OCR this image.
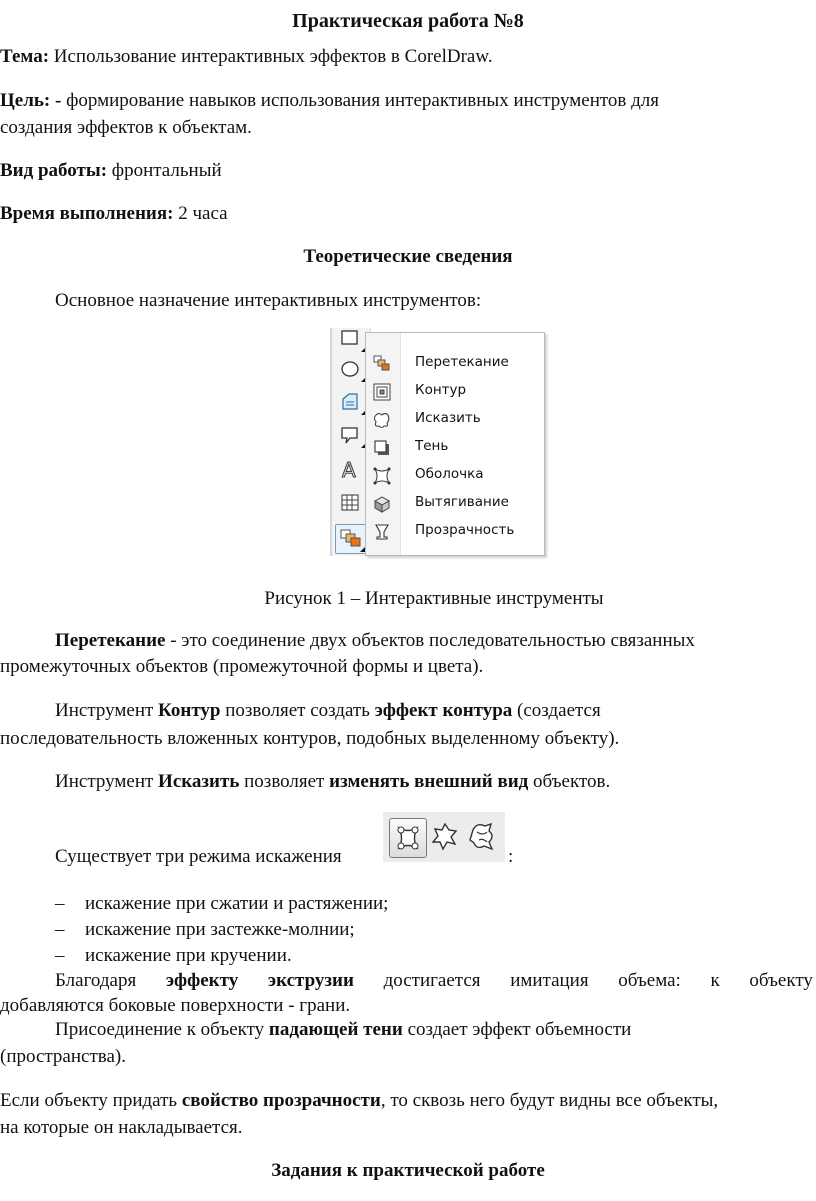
Практическая работа №8
Тема: Использование интерактивных эффектов в CorelDraw.
Цель: - формирование навыков использования интерактивных инструментов для
создания эффектов к объектам.
Вид работы: фронтальный
Время выполнения: 2 часа
Теоретические сведения
Основное назначение интерактивных инструментов:
A
Перетекание
Контур
Исказить
Тень
Оболочка
Вытягивание
Прозрачность
Рисунок 1 – Интерактивные инструменты
Перетекание - это соединение двух объектов последовательностью связанных
промежуточных объектов (промежуточной формы и цвета).
Инструмент Контур позволяет создать эффект контура (создается
последовательность вложенных контуров, подобных выделенному объекту).
Инструмент Исказить позволяет изменять внешний вид объектов.
Существует три режима искажения	:
–	искажение при сжатии и растяжении;
–	искажение при застежке-молнии;
–	искажение при кручении.
Благодаря эффекту экструзии достигается имитация объема: к объекту
добавляются боковые поверхности - грани.
Присоединение к объекту падающей тени создает эффект объемности
(пространства).
Если объекту придать свойство прозрачности, то сквозь него будут видны все объекты,
на которые он накладывается.
Задания к практической работе
